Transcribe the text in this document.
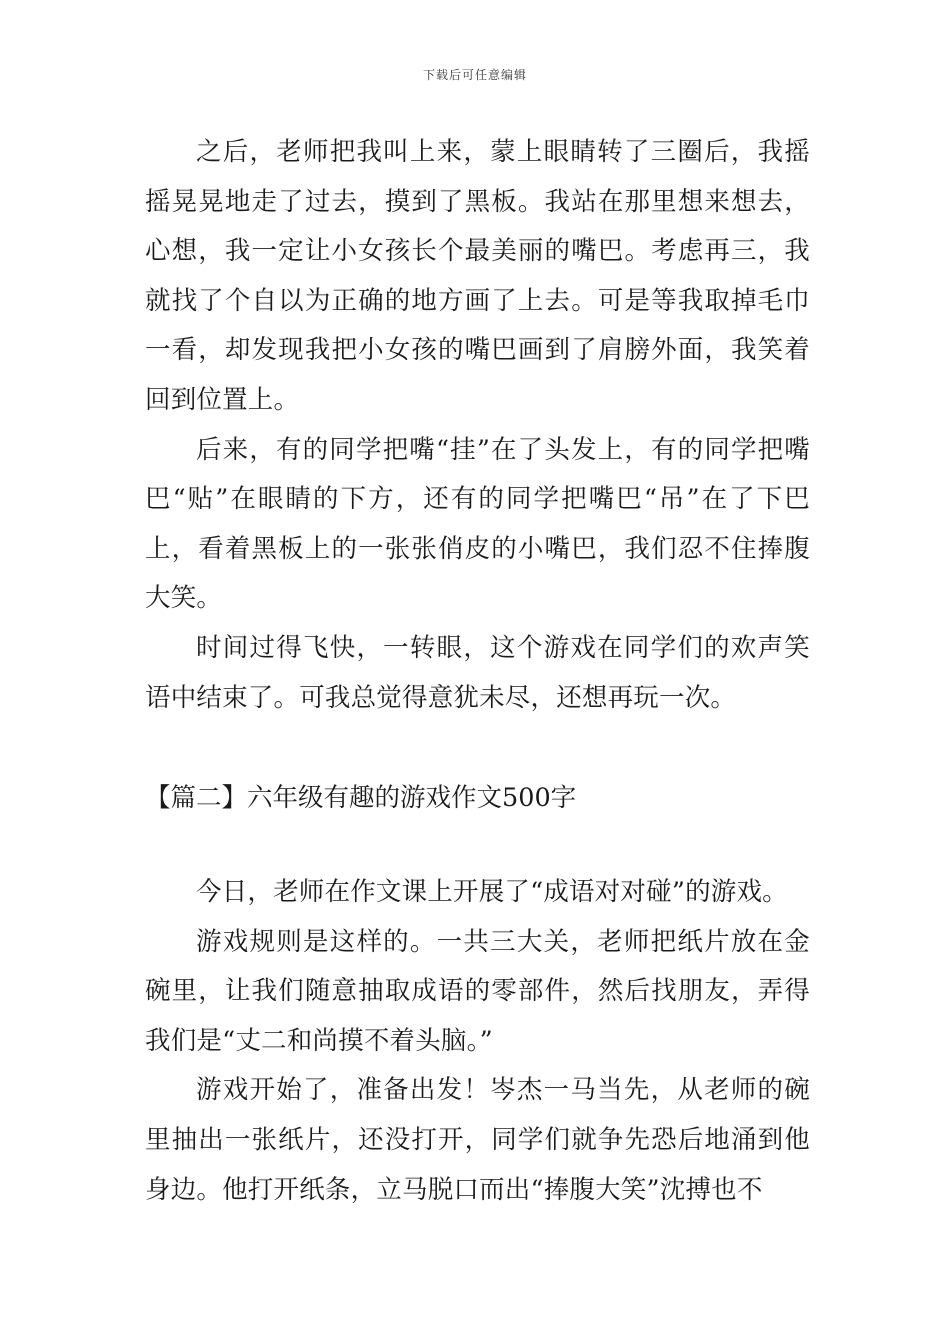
下载后可任意编辑

之后，老师把我叫上来，蒙上眼睛转了三圈后，我摇摇晃晃地走了过去，摸到了黑板。我站在那里想来想去，心想，我一定让小女孩长个最美丽的嘴巴。考虑再三，我就找了个自以为正确的地方画了上去。可是等我取掉毛巾一看，却发现我把小女孩的嘴巴画到了肩膀外面，我笑着回到位置上。

后来，有的同学把嘴“挂”在了头发上，有的同学把嘴巴“贴”在眼睛的下方，还有的同学把嘴巴“吊”在了下巴上，看着黑板上的一张张俏皮的小嘴巴，我们忍不住捧腹大笑。

时间过得飞快，一转眼，这个游戏在同学们的欢声笑语中结束了。可我总觉得意犹未尽，还想再玩一次。

【篇二】六年级有趣的游戏作文500字

今日，老师在作文课上开展了“成语对对碰”的游戏。

游戏规则是这样的。一共三大关，老师把纸片放在金碗里，让我们随意抽取成语的零部件，然后找朋友，弄得我们是“丈二和尚摸不着头脑。”

游戏开始了，准备出发！岑杰一马当先，从老师的碗里抽出一张纸片，还没打开，同学们就争先恐后地涌到他身边。他打开纸条，立马脱口而出“捧腹大笑”沈搏也不
